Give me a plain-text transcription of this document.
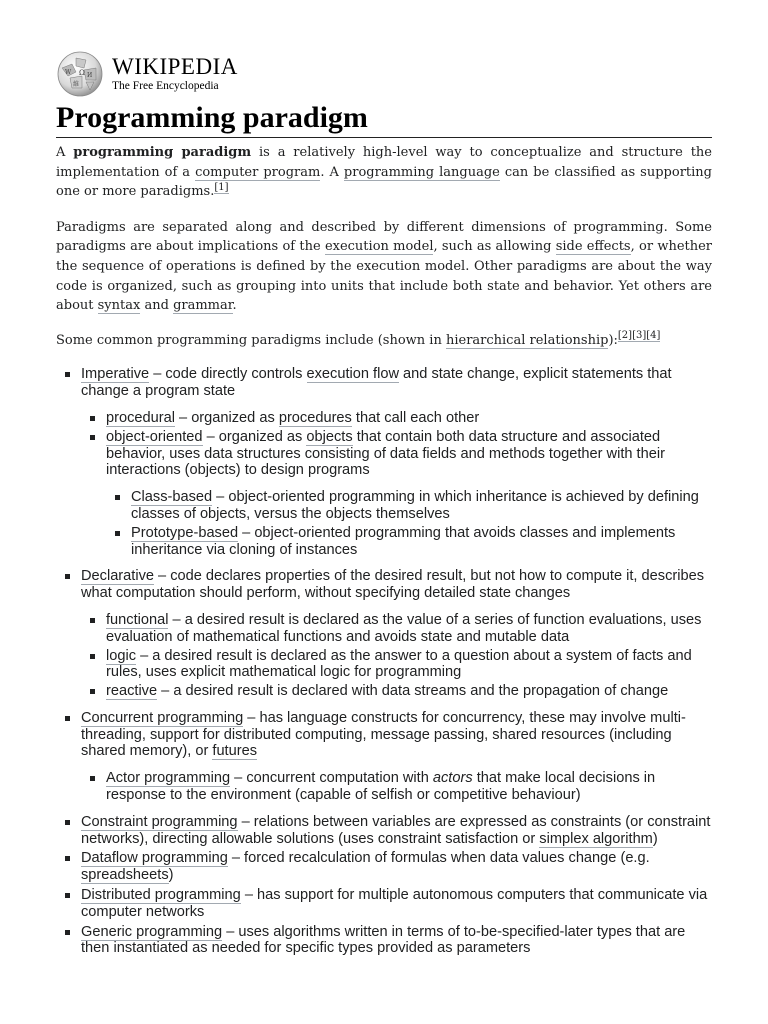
Ω
W	И
維
WIKIPEDIA
The Free Encyclopedia
Programming paradigm

A programming paradigm is a relatively high-level way to conceptualize and structure the implementation of a computer program. A programming language can be classified as supporting one or more paradigms.[1]

Paradigms are separated along and described by different dimensions of programming. Some paradigms are about implications of the execution model, such as allowing side effects, or whether the sequence of operations is defined by the execution model. Other paradigms are about the way code is organized, such as grouping into units that include both state and behavior. Yet others are about syntax and grammar.

Some common programming paradigms include (shown in hierarchical relationship):[2][3][4]

Imperative – code directly controls execution flow and state change, explicit statements that change a program state
procedural – organized as procedures that call each other
object-oriented – organized as objects that contain both data structure and associated behavior, uses data structures consisting of data fields and methods together with their interactions (objects) to design programs
Class-based – object-oriented programming in which inheritance is achieved by defining classes of objects, versus the objects themselves
Prototype-based – object-oriented programming that avoids classes and implements inheritance via cloning of instances
Declarative – code declares properties of the desired result, but not how to compute it, describes what computation should perform, without specifying detailed state changes
functional – a desired result is declared as the value of a series of function evaluations, uses evaluation of mathematical functions and avoids state and mutable data
logic – a desired result is declared as the answer to a question about a system of facts and rules, uses explicit mathematical logic for programming
reactive – a desired result is declared with data streams and the propagation of change
Concurrent programming – has language constructs for concurrency, these may involve multi-threading, support for distributed computing, message passing, shared resources (including shared memory), or futures
Actor programming – concurrent computation with actors that make local decisions in response to the environment (capable of selfish or competitive behaviour)
Constraint programming – relations between variables are expressed as constraints (or constraint networks), directing allowable solutions (uses constraint satisfaction or simplex algorithm)
Dataflow programming – forced recalculation of formulas when data values change (e.g. spreadsheets)
Distributed programming – has support for multiple autonomous computers that communicate via computer networks
Generic programming – uses algorithms written in terms of to-be-specified-later types that are then instantiated as needed for specific types provided as parameters
